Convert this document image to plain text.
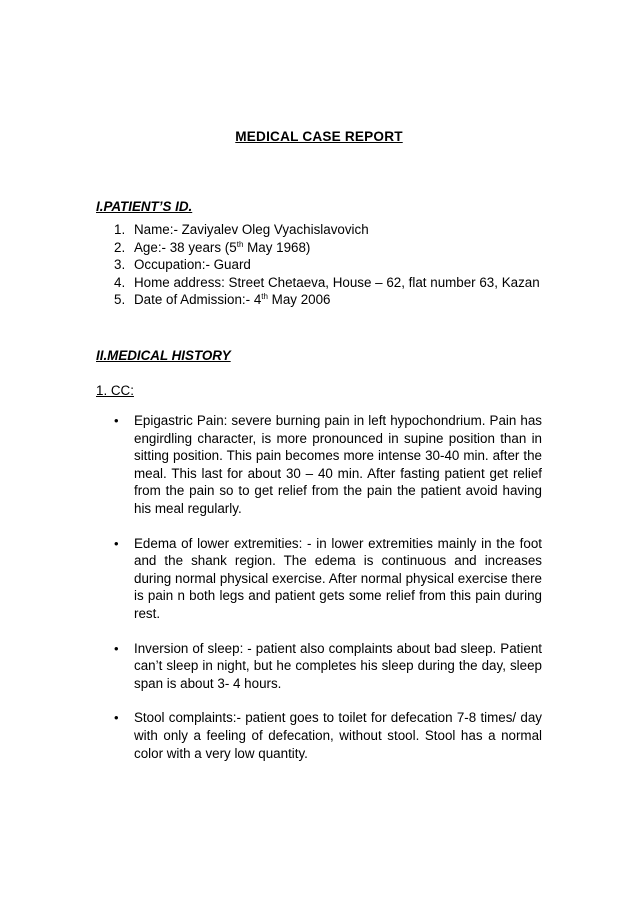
MEDICAL CASE REPORT
I.PATIENT’S ID.
1. Name:- Zaviyalev Oleg Vyachislavovich
2. Age:- 38 years (5th May 1968)
3. Occupation:- Guard
4. Home address: Street Chetaeva, House – 62, flat number 63, Kazan
5. Date of Admission:- 4th May 2006
II.MEDICAL HISTORY
1. CC:
• Epigastric Pain: severe burning pain in left hypochondrium. Pain has engirdling character, is more pronounced in supine position than in sitting position. This pain becomes more intense 30-40 min. after the meal. This last for about 30 – 40 min. After fasting patient get relief from the pain so to get relief from the pain the patient avoid having his meal regularly.
• Edema of lower extremities: - in lower extremities mainly in the foot and the shank region. The edema is continuous and increases during normal physical exercise. After normal physical exercise there is pain n both legs and patient gets some relief from this pain during rest.
• Inversion of sleep: - patient also complaints about bad sleep. Patient can’t sleep in night, but he completes his sleep during the day, sleep span is about 3- 4 hours.
• Stool complaints:- patient goes to toilet for defecation 7-8 times/ day with only a feeling of defecation, without stool. Stool has a normal color with a very low quantity.
